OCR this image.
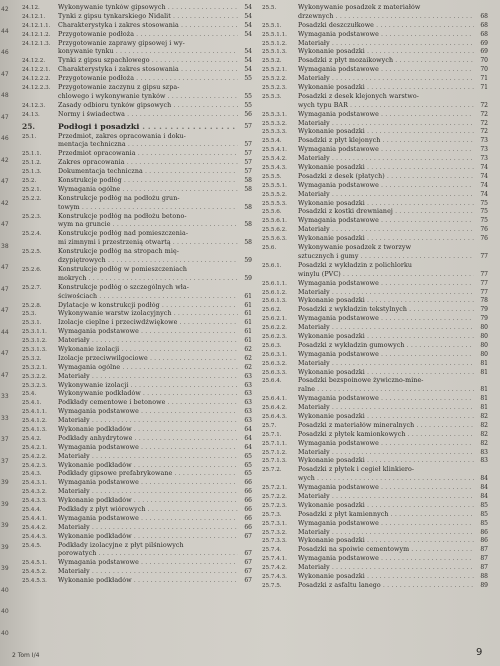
42
44
46
47
48
47
46
42
47
42
47
38
47
47
47
44
47
47
33
33
37
37
39
39
39
39
39
40
40
40
24.12.	Wykonywanie tynków gipsowych . . .	54
24.12.1.	Tynki z gipsu tynkarskiego Nidalit . . .	54
24.12.1.1.	Charakterystyka i zakres stosowania . . .	54
24.12.1.2.	Przygotowanie podłoża . . .	54
24.12.1.3.	Przygotowanie zaprawy gipsowej i wy-
konywanie tynku . . .	54
24.12.2.	Tynki z gipsu szpachlowego . . .	54
24.12.2.1.	Charakterystyka i zakres stosowania . . .	54
24.12.2.2.	Przygotowanie podłoża . . .	55
24.12.2.3.	Przygotowanie zaczynu z gipsu szpa-
chlowego i wykonywanie tynków . . .	55
24.12.3.	Zasady odbioru tynków gipsowych . . .	55
24.13.	Normy i świadectwa . . .	56
25.	Podłogi i posadzki . . .	57
25.1.	Przedmiot, zakres opracowania i doku-
mentacja techniczna . . .	57
25.1.1.	Przedmiot opracowania . . .	57
25.1.2.	Zakres opracowania . . .	57
25.1.3.	Dokumentacja techniczna . . .	57
25.2.	Konstrukcje podłóg . . .	58
25.2.1.	Wymagania ogólne . . .	58
25.2.2.	Konstrukcje podłóg na podłożu grun-
towym . . .	58
25.2.3.	Konstrukcje podłóg na podłożu betono-
wym na gruncie . . .	58
25.2.4.	Konstrukcje podłóg nad pomieszczenia-
mi zimnymi i przestrzenią otwartą . . .	58
25.2.5.	Konstrukcje podłóg na stropach mię-
dzypiętrowych . . .	59
25.2.6.	Konstrukcje podłóg w pomieszczeniach
mokrych . . .	59
25.2.7.	Konstrukcje podłóg o szczególnych wła-
ściwościach . . .	61
25.2.8.	Dylatacje w konstrukcji podłóg . . .	61
25.3.	Wykonywanie warstw izolacyjnych . . .	61
25.3.1.	Izolacje cieplne i przeciwdźwiękowe . . .	61
25.3.1.1.	Wymagania podstawowe . . .	61
25.3.1.2.	Materiały . . .	61
25.3.1.3.	Wykonanie izolacji . . .	62
25.3.2.	Izolacje przeciwwilgociowe . . .	62
25.3.2.1.	Wymagania ogólne . . .	62
25.3.2.2.	Materiały . . .	63
25.3.2.3.	Wykonywanie izolacji . . .	63
25.4.	Wykonywanie podkładów . . .	63
25.4.1.	Podkłady cementowe i betonowe . . .	63
25.4.1.1.	Wymagania podstawowe . . .	63
25.4.1.2.	Materiały . . .	63
25.4.1.3.	Wykonanie podkładów . . .	64
25.4.2.	Podkłady anhydrytowe . . .	64
25.4.2.1.	Wymagania podstawowe . . .	64
25.4.2.2.	Materiały . . .	65
25.4.2.3.	Wykonanie podkładów . . .	65
25.4.3.	Podkłady gipsowe prefabrykowane . . .	65
25.4.3.1.	Wymagania podstawowe . . .	66
25.4.3.2.	Materiały . . .	66
25.4.3.3.	Wykonanie podkładów . . .	66
25.4.4.	Podkłady z płyt wiórowych . . .	66
25.4.4.1.	Wymagania podstawowe . . .	66
25.4.4.2.	Materiały . . .	66
25.4.4.3.	Wykonanie podkładów . . .	67
25.4.5.	Podkłady izolacyjne z płyt pilśniowych
porowatych . . .	67
25.4.5.1.	Wymagania podstawowe . . .	67
25.4.5.2.	Materiały . . .	67
25.4.5.3.	Wykonanie podkładów . . .	67
25.5.	Wykonywanie posadzek z materiałów
drzewnych . . .	68
25.5.1.	Posadzki deszczułkowe . . .	68
25.5.1.1.	Wymagania podstawowe . . .	68
25.5.1.2.	Materiały . . .	69
25.5.1.3.	Wykonanie posadzki . . .	69
25.5.2.	Posadzki z płyt mozaikowych . . .	70
25.5.2.1.	Wymagania podstawowe . . .	70
25.5.2.2.	Materiały . . .	71
25.5.2.3.	Wykonanie posadzki . . .	71
25.5.3.	Posadzki z desek klejonych warstwo-
wych typu BAR . . .	72
25.5.3.1.	Wymagania podstawowe . . .	72
25.5.3.2.	Materiały . . .	72
25.5.3.3.	Wykonanie posadzki . . .	72
25.5.4.	Posadzki z płyt klejonych . . .	73
25.5.4.1.	Wymagania podstawowe . . .	73
25.5.4.2.	Materiały . . .	73
25.5.4.3.	Wykonanie posadzki . . .	74
25.5.5.	Posadzki z desek (płatych) . . .	74
25.5.5.1.	Wymagania podstawowe . . .	74
25.5.5.2.	Materiały . . .	74
25.5.5.3.	Wykonanie posadzki . . .	75
25.5.6.	Posadzki z kostki drewnianej . . .	75
25.5.6.1.	Wymagania podstawowe . . .	75
25.5.6.2.	Materiały . . .	76
25.5.6.3.	Wykonanie posadzki . . .	76
25.6.	Wykonywanie posadzek z tworzyw
sztucznych i gumy . . .	77
25.6.1.	Posadzki z wykładzin z polichlorku
winylu (PVC) . . .	77
25.6.1.1.	Wymagania podstawowe . . .	77
25.6.1.2.	Materiały . . .	77
25.6.1.3.	Wykonanie posadzki . . .	78
25.6.2.	Posadzki z wykładzin tekstylnych . . .	79
25.6.2.1.	Wymagania podstawowe . . .	79
25.6.2.2.	Materiały . . .	80
25.6.2.3.	Wykonanie posadzki . . .	80
25.6.3.	Posadzki z wykładzin gumowych . . .	80
25.6.3.1.	Wymagania podstawowe . . .	80
25.6.3.2.	Materiały . . .	81
25.6.3.3.	Wykonanie posadzki . . .	81
25.6.4.	Posadzki bezspoinowe żywiczno-mine-
ralne . . .	81
25.6.4.1.	Wymagania podstawowe . . .	81
25.6.4.2.	Materiały . . .	81
25.6.4.3.	Wykonanie posadzki . . .	82
25.7.	Posadzki z materiałów mineralnych . . .	82
25.7.1.	Posadzki z płytek kamionkowych . . .	82
25.7.1.1.	Wymagania podstawowe . . .	82
25.7.1.2.	Materiały . . .	83
25.7.1.3.	Wykonanie posadzki . . .	83
25.7.2.	Posadzki z płytek i cegieł klinkiero-
wych . . .	84
25.7.2.1.	Wymagania podstawowe . . .	84
25.7.2.2.	Materiały . . .	84
25.7.2.3.	Wykonanie posadzki . . .	85
25.7.3.	Posadzki z płyt kamiennych . . .	85
25.7.3.1.	Wymagania podstawowe . . .	85
25.7.3.2.	Materiały . . .	86
25.7.3.3.	Wykonanie posadzki . . .	86
25.7.4.	Posadzki na spoiwie cementowym . . .	87
25.7.4.1.	Wymagania podstawowe . . .	87
25.7.4.2.	Materiały . . .	87
25.7.4.3.	Wykonanie posadzki . . .	88
25.7.5.	Posadzki z asfaltu lanego . . .	89
2 Tom I/4	9
